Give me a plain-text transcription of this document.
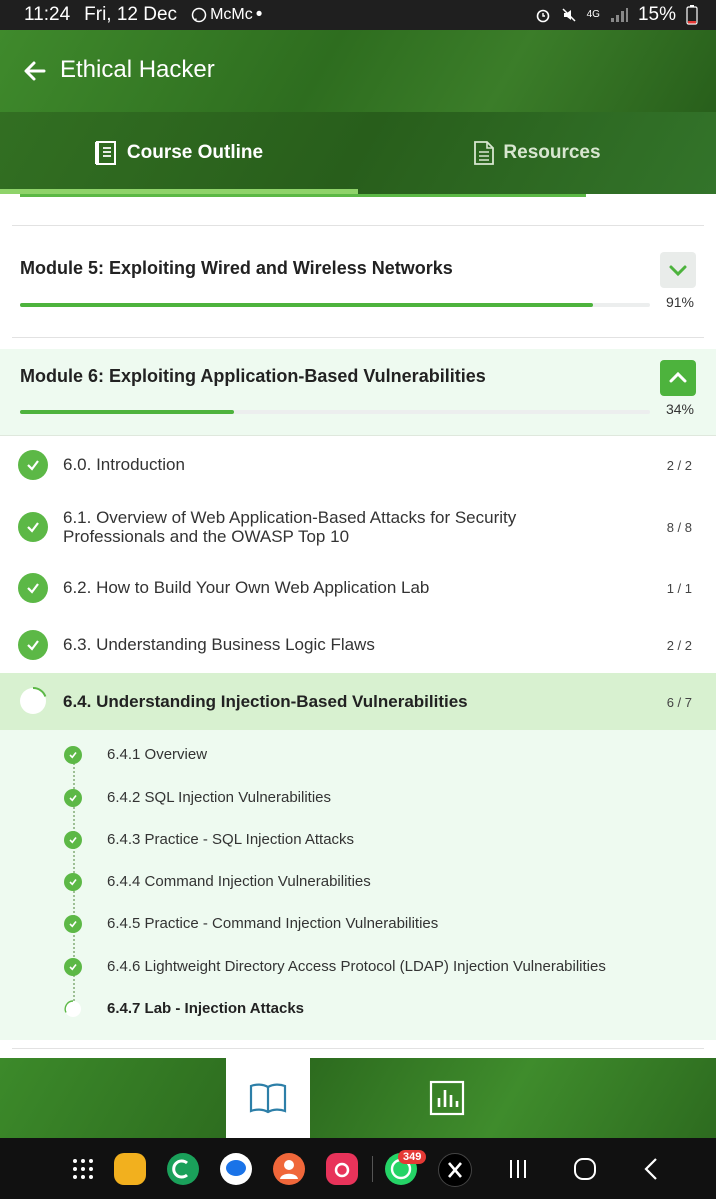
11:24 Fri, 12 Dec McMc •	4G 15%
Ethical Hacker
Course Outline	Resources
Module 5: Exploiting Wired and Wireless Networks
91%
Module 6: Exploiting Application-Based Vulnerabilities
34%
6.0. Introduction	2 / 2
6.1. Overview of Web Application-Based Attacks for Security Professionals and the OWASP Top 10	8 / 8
6.2. How to Build Your Own Web Application Lab	1 / 1
6.3. Understanding Business Logic Flaws	2 / 2
6.4. Understanding Injection-Based Vulnerabilities	6 / 7
6.4.1 Overview
6.4.2 SQL Injection Vulnerabilities
6.4.3 Practice - SQL Injection Attacks
6.4.4 Command Injection Vulnerabilities
6.4.5 Practice - Command Injection Vulnerabilities
6.4.6 Lightweight Directory Access Protocol (LDAP) Injection Vulnerabilities
6.4.7 Lab - Injection Attacks
349
